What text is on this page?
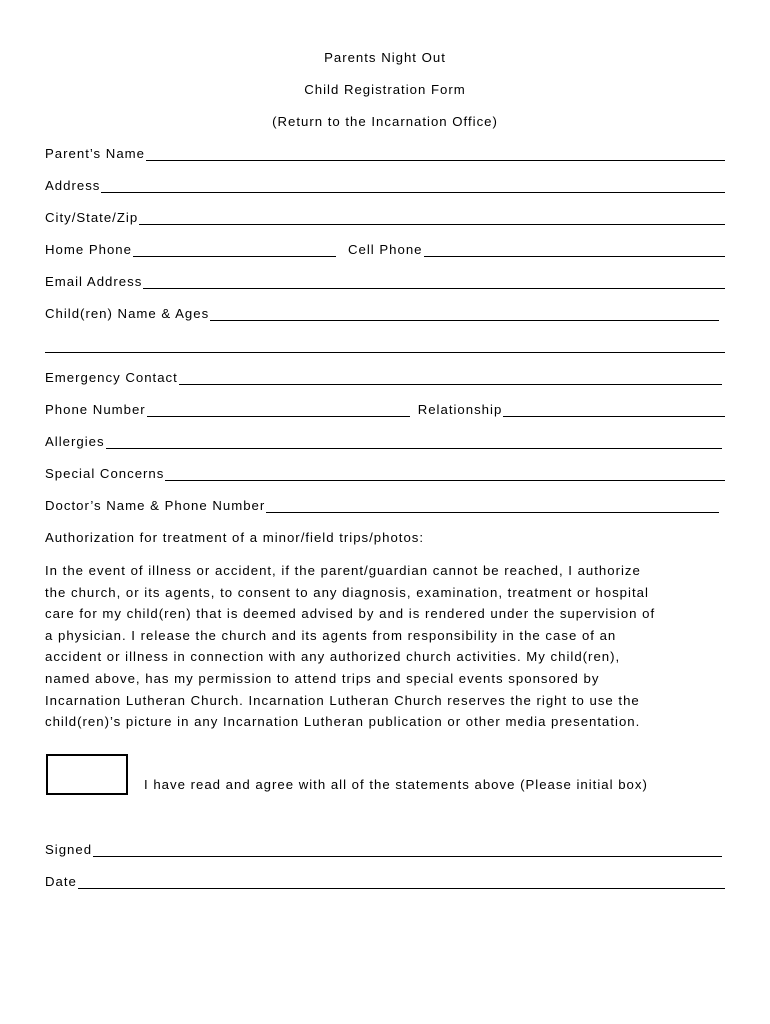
Parents Night Out
Child Registration Form
(Return to the Incarnation Office)
Parent’s Name
Address
City/State/Zip
Home Phone	Cell Phone
Email Address
Child(ren) Name & Ages
Emergency Contact
Phone Number	Relationship
Allergies
Special Concerns
Doctor’s Name & Phone Number
Authorization for treatment of a minor/field trips/photos:
In the event of illness or accident, if the parent/guardian cannot be reached, I authorize
the church, or its agents, to consent to any diagnosis, examination, treatment or hospital
care for my child(ren) that is deemed advised by and is rendered under the supervision of
a physician. I release the church and its agents from responsibility in the case of an
accident or illness in connection with any authorized church activities. My child(ren),
named above, has my permission to attend trips and special events sponsored by
Incarnation Lutheran Church. Incarnation Lutheran Church reserves the right to use the
child(ren)’s picture in any Incarnation Lutheran publication or other media presentation.
I have read and agree with all of the statements above (Please initial box)
Signed
Date
